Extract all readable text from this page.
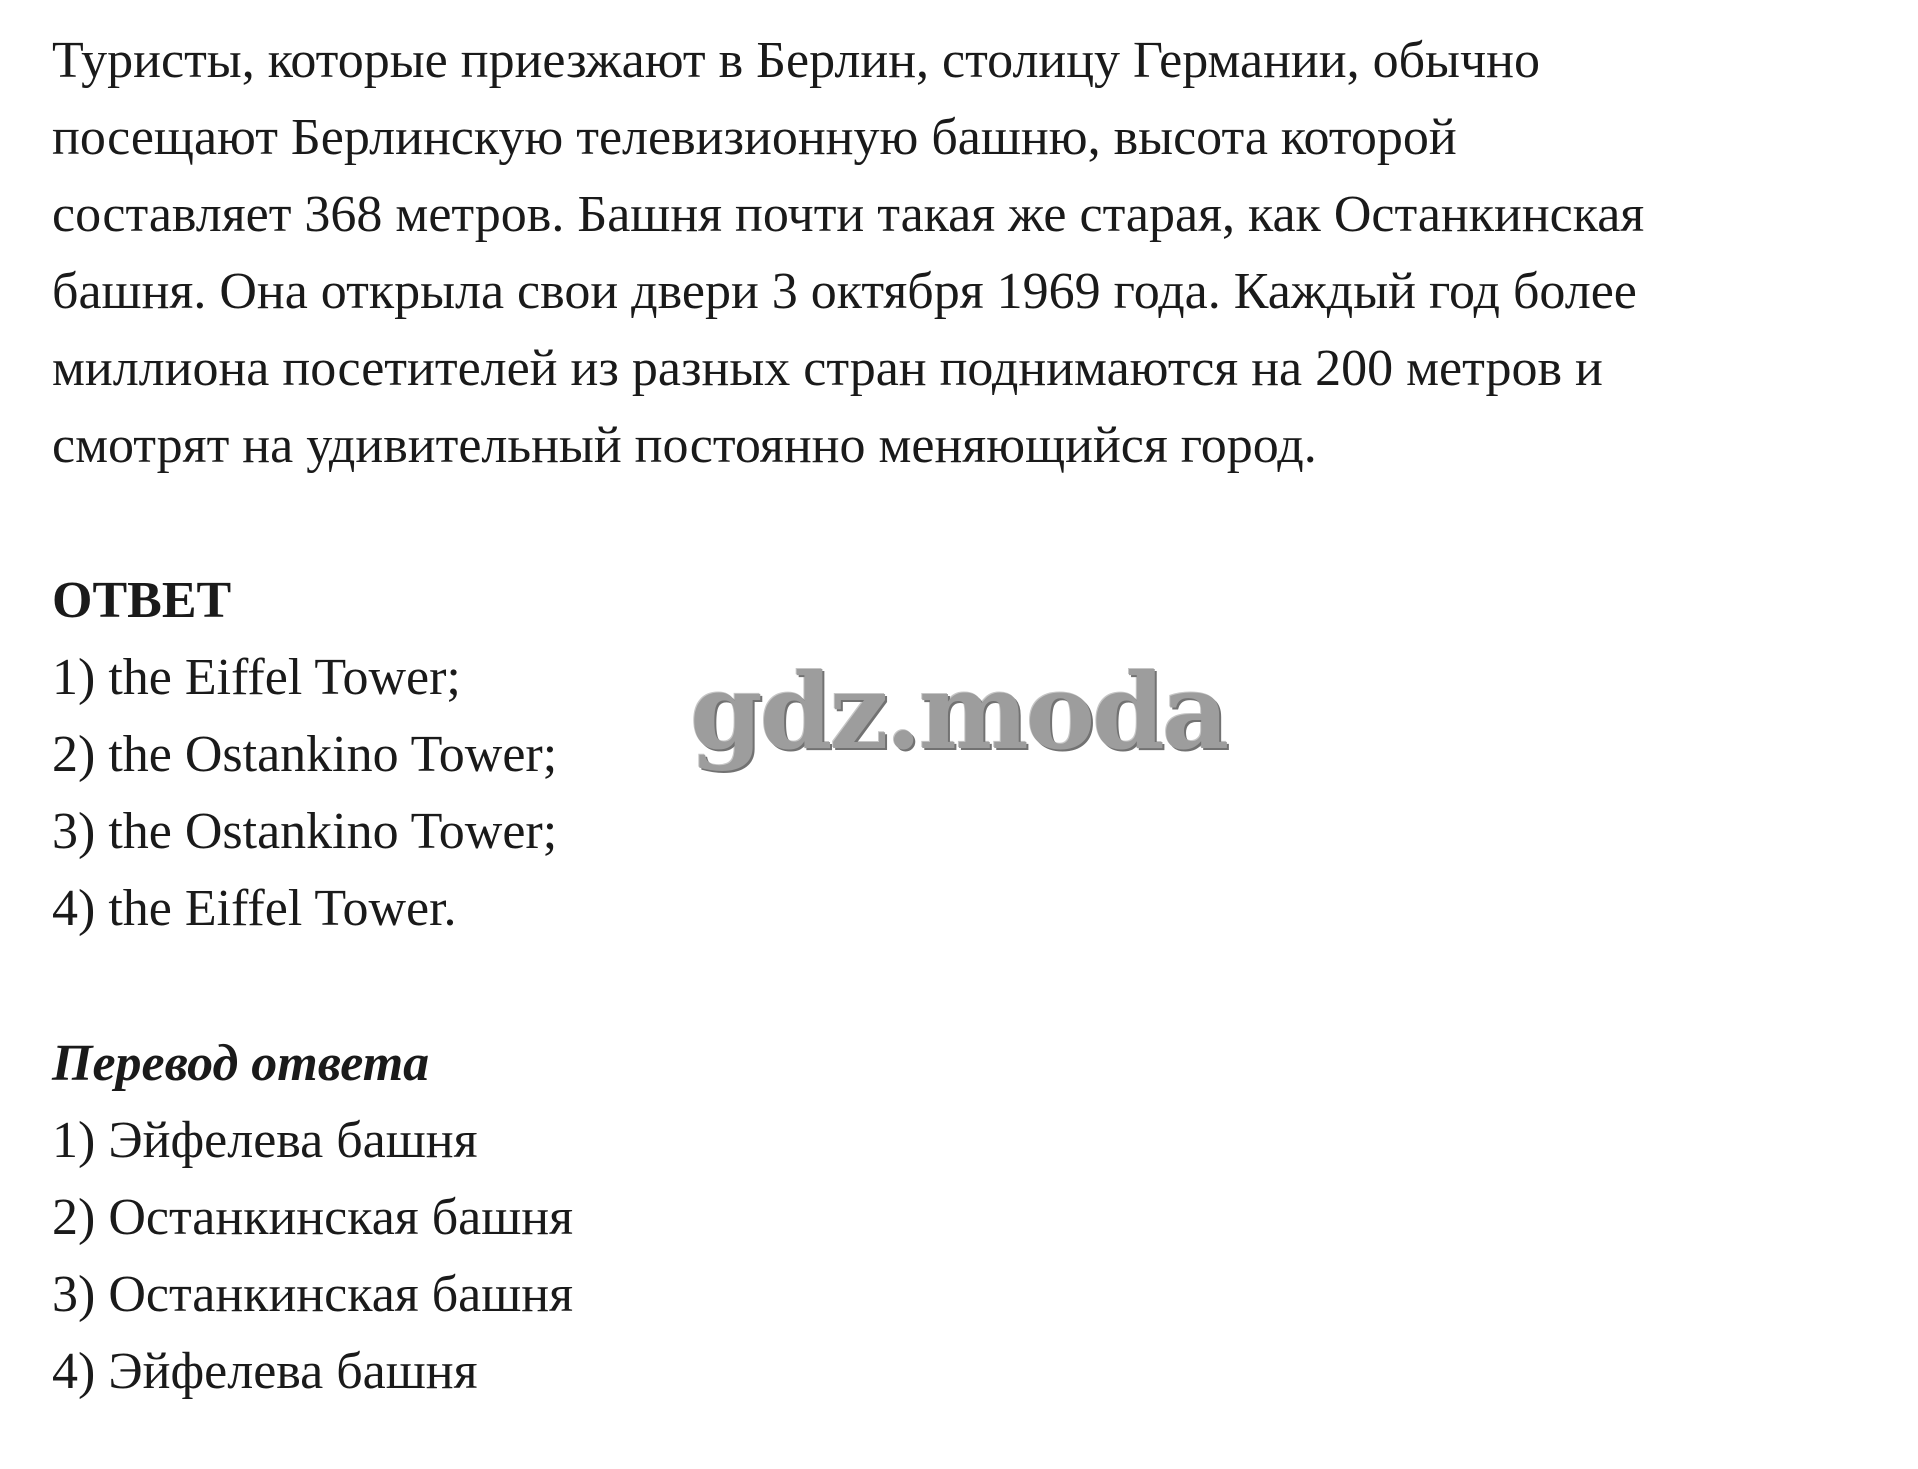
Туристы, которые приезжают в Берлин, столицу Германии, обычно

посещают Берлинскую телевизионную башню, высота которой

составляет 368 метров. Башня почти такая же старая, как Останкинская

башня. Она открыла свои двери 3 октября 1969 года. Каждый год более

миллиона посетителей из разных стран поднимаются на 200 метров и

смотрят на удивительный постоянно меняющийся город.

ОТВЕТ

1) the Eiffel Tower;

2) the Ostankino Tower;

3) the Ostankino Tower;

4) the Eiffel Tower.

Перевод ответа

1) Эйфелева башня

2) Останкинская башня

3) Останкинская башня

4) Эйфелева башня

gdz.moda
